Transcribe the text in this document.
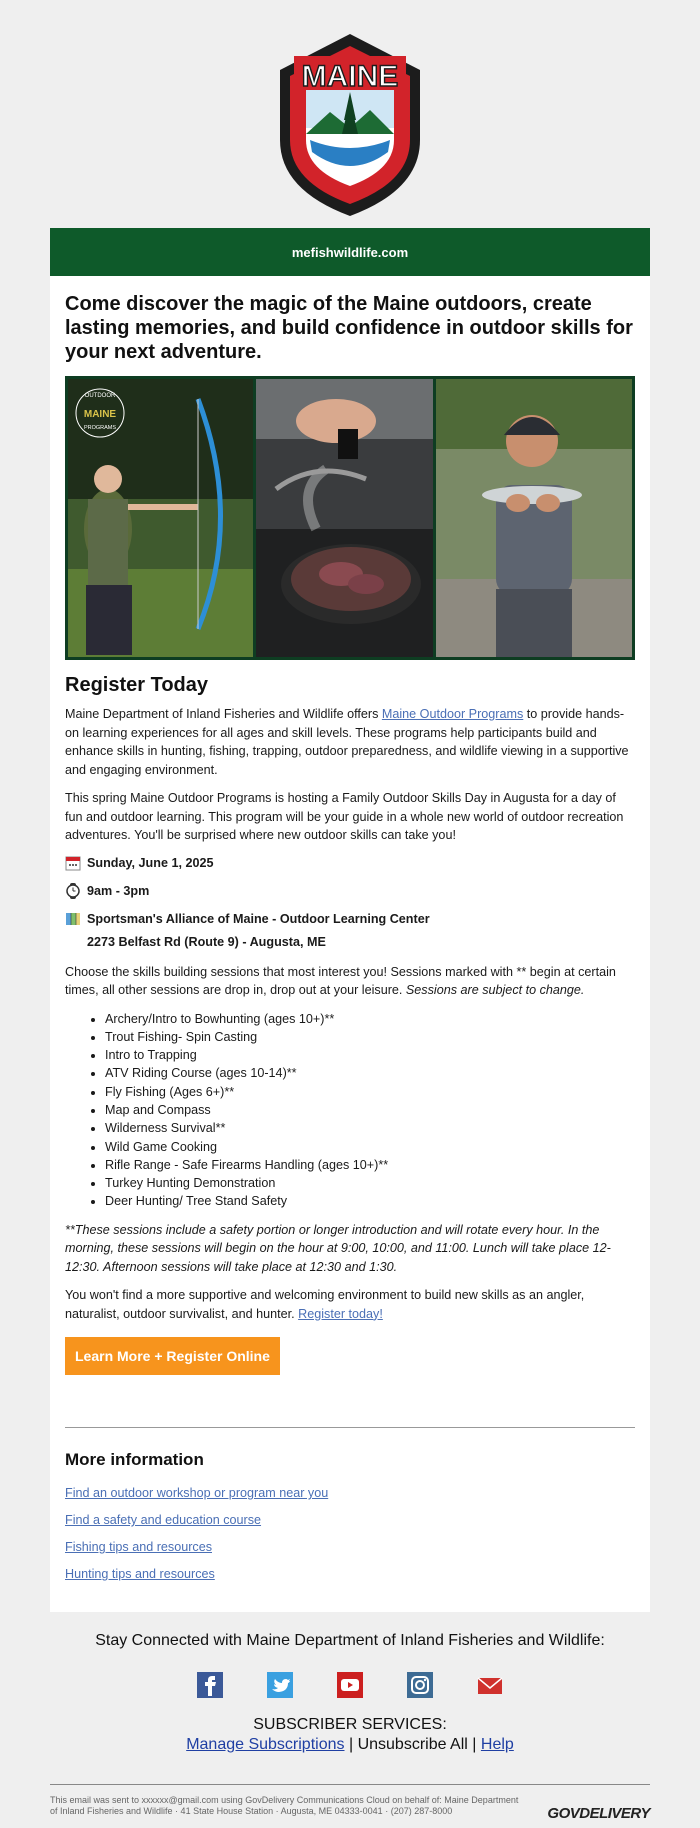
MAINE
mefishwildlife.com
Come discover the magic of the Maine outdoors, create lasting memories, and build confidence in outdoor skills for your next adventure.
OUTDOOR
MAINE
PROGRAMS
Register Today

Maine Department of Inland Fisheries and Wildlife offers Maine Outdoor Programs to provide hands-on learning experiences for all ages and skill levels. These programs help participants build and enhance skills in hunting, fishing, trapping, outdoor preparedness, and wildlife viewing in a supportive and engaging environment.

This spring Maine Outdoor Programs is hosting a Family Outdoor Skills Day in Augusta for a day of fun and outdoor learning. This program will be your guide in a whole new world of outdoor recreation adventures. You'll be surprised where new outdoor skills can take you!

Sunday, June 1, 2025
9am - 3pm
Sportsman's Alliance of Maine - Outdoor Learning Center
2273 Belfast Rd (Route 9) - Augusta, ME

Choose the skills building sessions that most interest you! Sessions marked with ** begin at certain times, all other sessions are drop in, drop out at your leisure. Sessions are subject to change.

• Archery/Intro to Bowhunting (ages 10+)**
• Trout Fishing- Spin Casting
• Intro to Trapping
• ATV Riding Course (ages 10-14)**
• Fly Fishing (Ages 6+)**
• Map and Compass
• Wilderness Survival**
• Wild Game Cooking
• Rifle Range - Safe Firearms Handling (ages 10+)**
• Turkey Hunting Demonstration
• Deer Hunting/ Tree Stand Safety

**These sessions include a safety portion or longer introduction and will rotate every hour. In the morning, these sessions will begin on the hour at 9:00, 10:00, and 11:00. Lunch will take place 12-12:30. Afternoon sessions will take place at 12:30 and 1:30.

You won't find a more supportive and welcoming environment to build new skills as an angler, naturalist, outdoor survivalist, and hunter. Register today!

Learn More + Register Online
More information
Find an outdoor workshop or program near you
Find a safety and education course
Fishing tips and resources
Hunting tips and resources
Stay Connected with Maine Department of Inland Fisheries and Wildlife:
SUBSCRIBER SERVICES:
Manage Subscriptions | Unsubscribe All | Help
This email was sent to xxxxxx@gmail.com using GovDelivery Communications Cloud on behalf of: Maine Department of Inland Fisheries and Wildlife · 41 State House Station · Augusta, ME 04333-0041 · (207) 287-8000	GOVDELIVERY
